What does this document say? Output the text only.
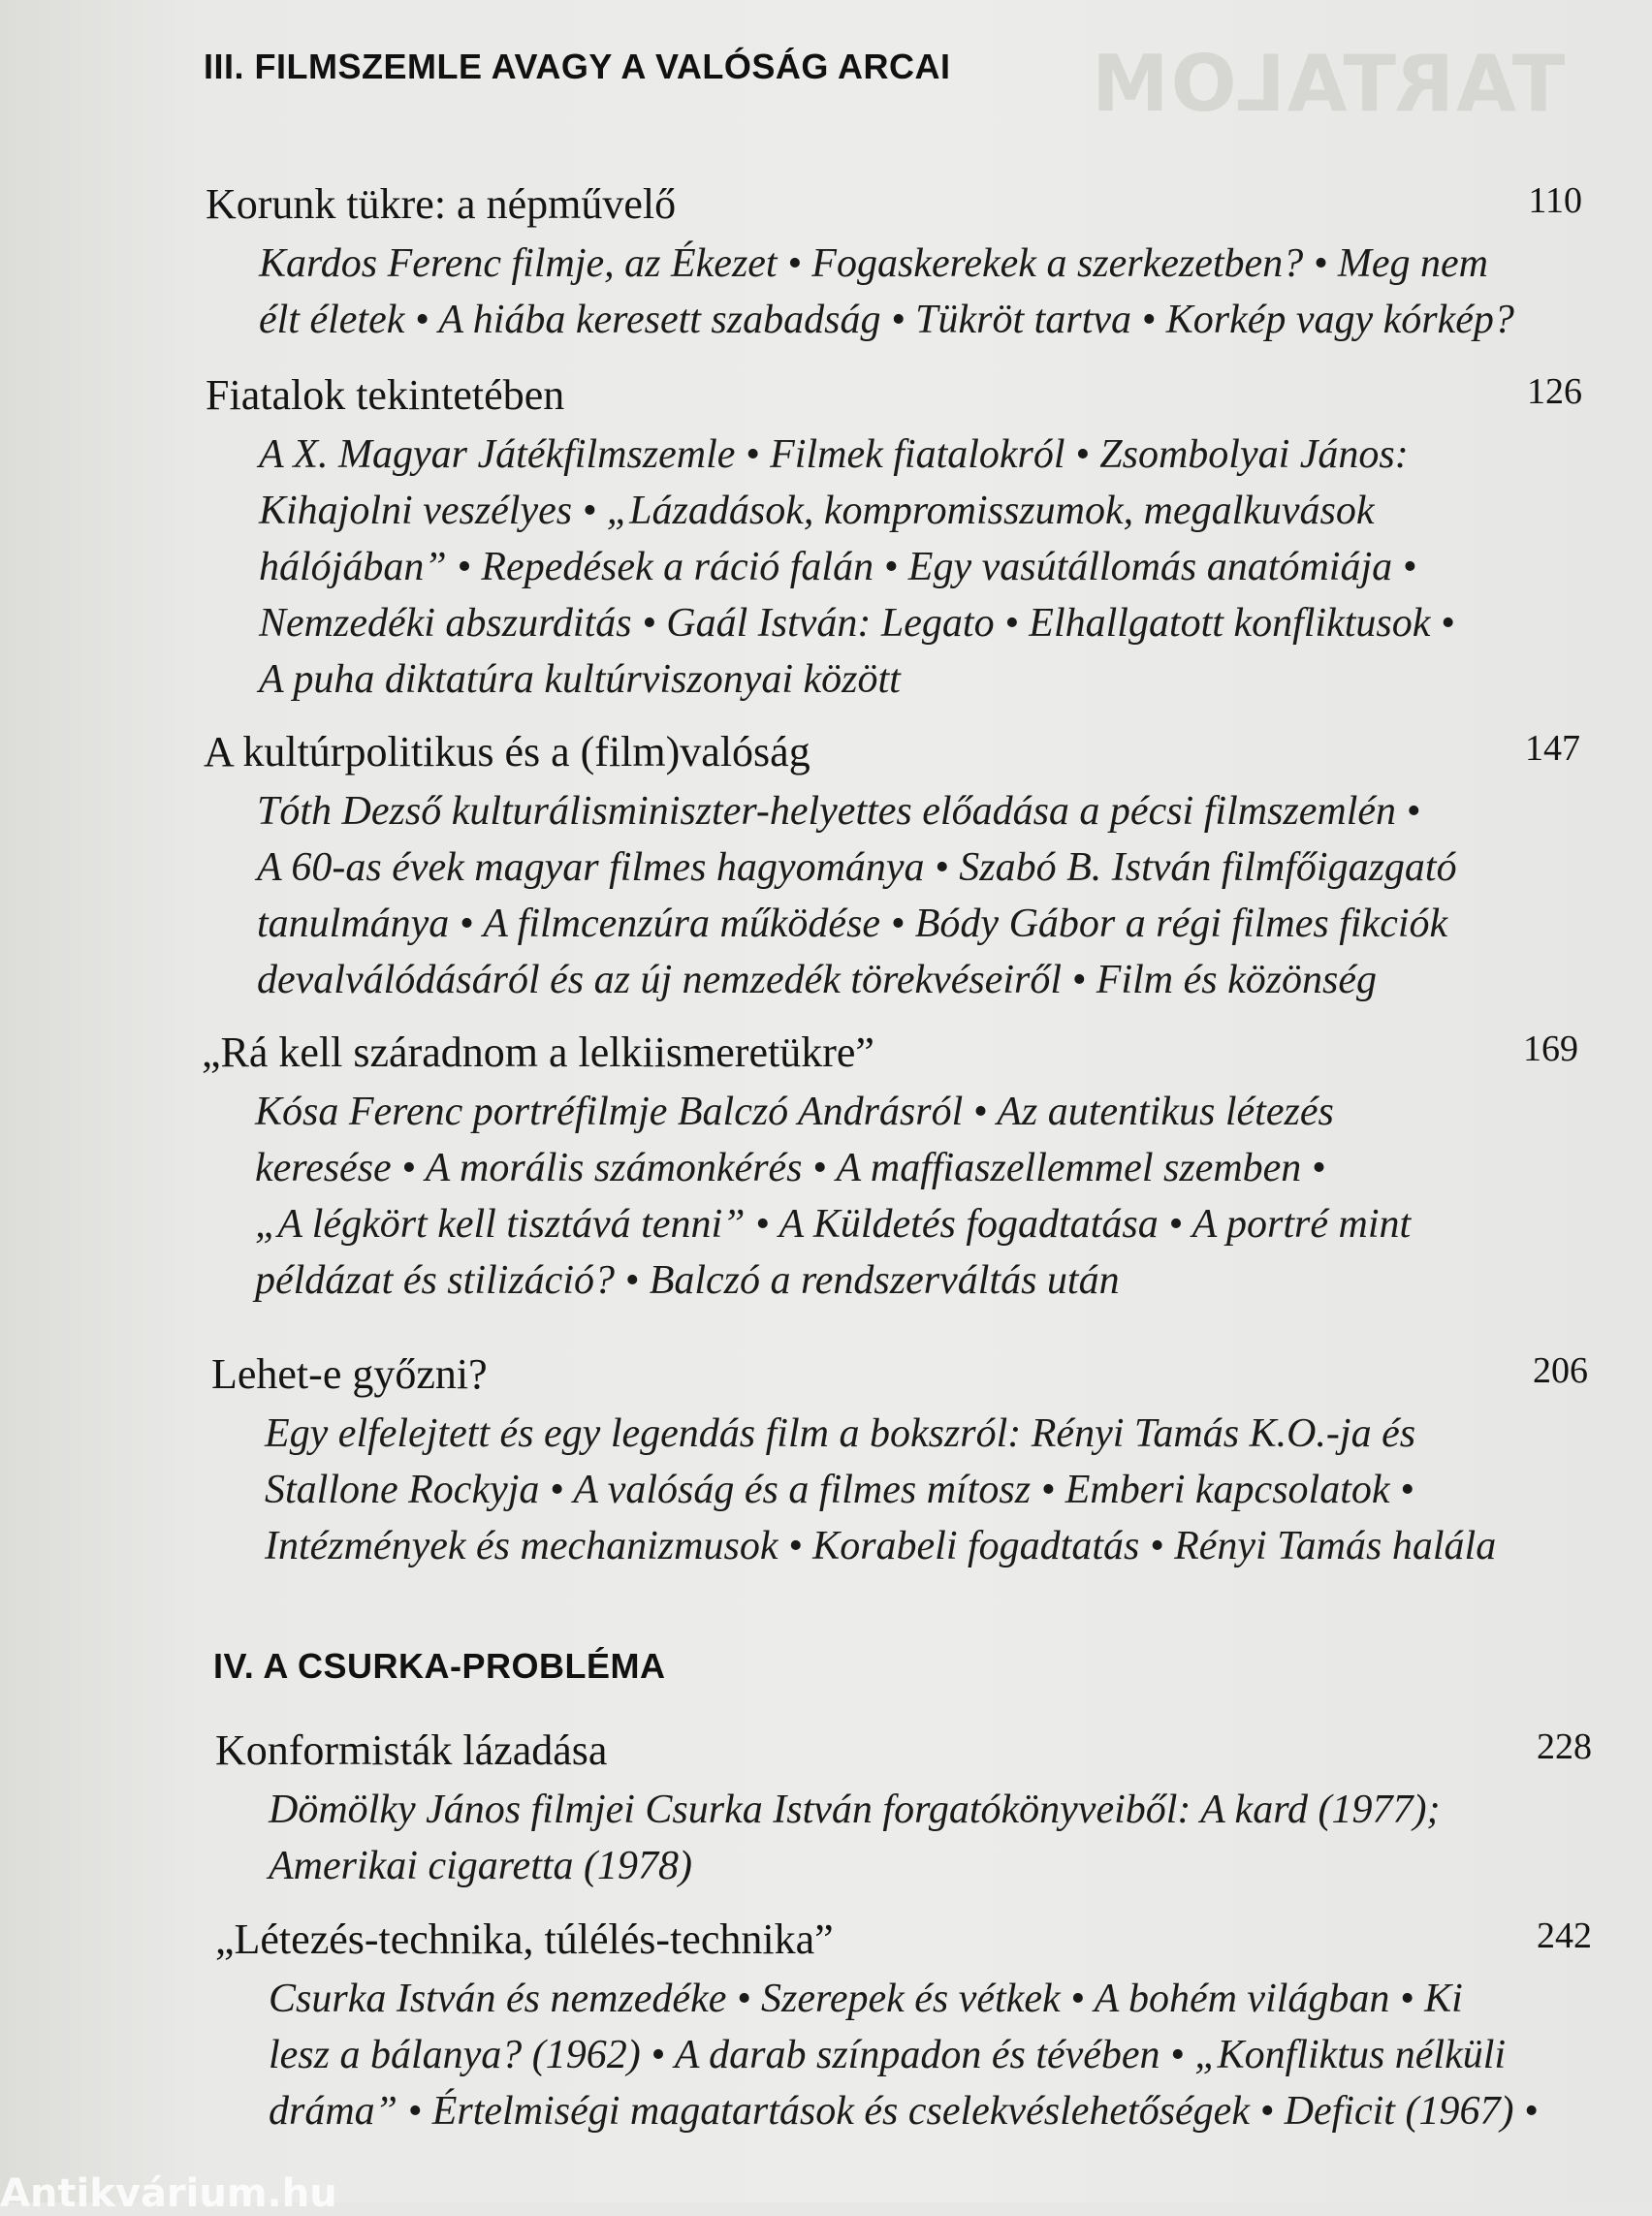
TARTALOM
III. FILMSZEMLE AVAGY A VALÓSÁG ARCAI
Korunk tükre: a népművelő	110
Kardos Ferenc filmje, az Ékezet • Fogaskerekek a szerkezetben? • Meg nem
élt életek • A hiába keresett szabadság • Tükröt tartva • Korkép vagy kórkép?
Fiatalok tekintetében	126
A X. Magyar Játékfilmszemle • Filmek fiatalokról • Zsombolyai János:
Kihajolni veszélyes • „Lázadások, kompromisszumok, megalkuvások
hálójában” • Repedések a ráció falán • Egy vasútállomás anatómiája •
Nemzedéki abszurditás • Gaál István: Legato • Elhallgatott konfliktusok •
A puha diktatúra kultúrviszonyai között
A kultúrpolitikus és a (film)valóság	147
Tóth Dezső kulturálisminiszter-helyettes előadása a pécsi filmszemlén •
A 60-as évek magyar filmes hagyománya • Szabó B. István filmfőigazgató
tanulmánya • A filmcenzúra működése • Bódy Gábor a régi filmes fikciók
devalválódásáról és az új nemzedék törekvéseiről • Film és közönség
„Rá kell száradnom a lelkiismeretükre”	169
Kósa Ferenc portréfilmje Balczó Andrásról • Az autentikus létezés
keresése • A morális számonkérés • A maffiaszellemmel szemben •
„A légkört kell tisztává tenni” • A Küldetés fogadtatása • A portré mint
példázat és stilizáció? • Balczó a rendszerváltás után
Lehet-e győzni?	206
Egy elfelejtett és egy legendás film a bokszról: Rényi Tamás K.O.-ja és
Stallone Rockyja • A valóság és a filmes mítosz • Emberi kapcsolatok •
Intézmények és mechanizmusok • Korabeli fogadtatás • Rényi Tamás halála
IV. A CSURKA-PROBLÉMA
Konformisták lázadása	228
Dömölky János filmjei Csurka István forgatókönyveiből: A kard (1977);
Amerikai cigaretta (1978)
„Létezés-technika, túlélés-technika”	242
Csurka István és nemzedéke • Szerepek és vétkek • A bohém világban • Ki
lesz a bálanya? (1962) • A darab színpadon és tévében • „Konfliktus nélküli
dráma” • Értelmiségi magatartások és cselekvéslehetőségek • Deficit (1967) •
Antikvárium.hu
